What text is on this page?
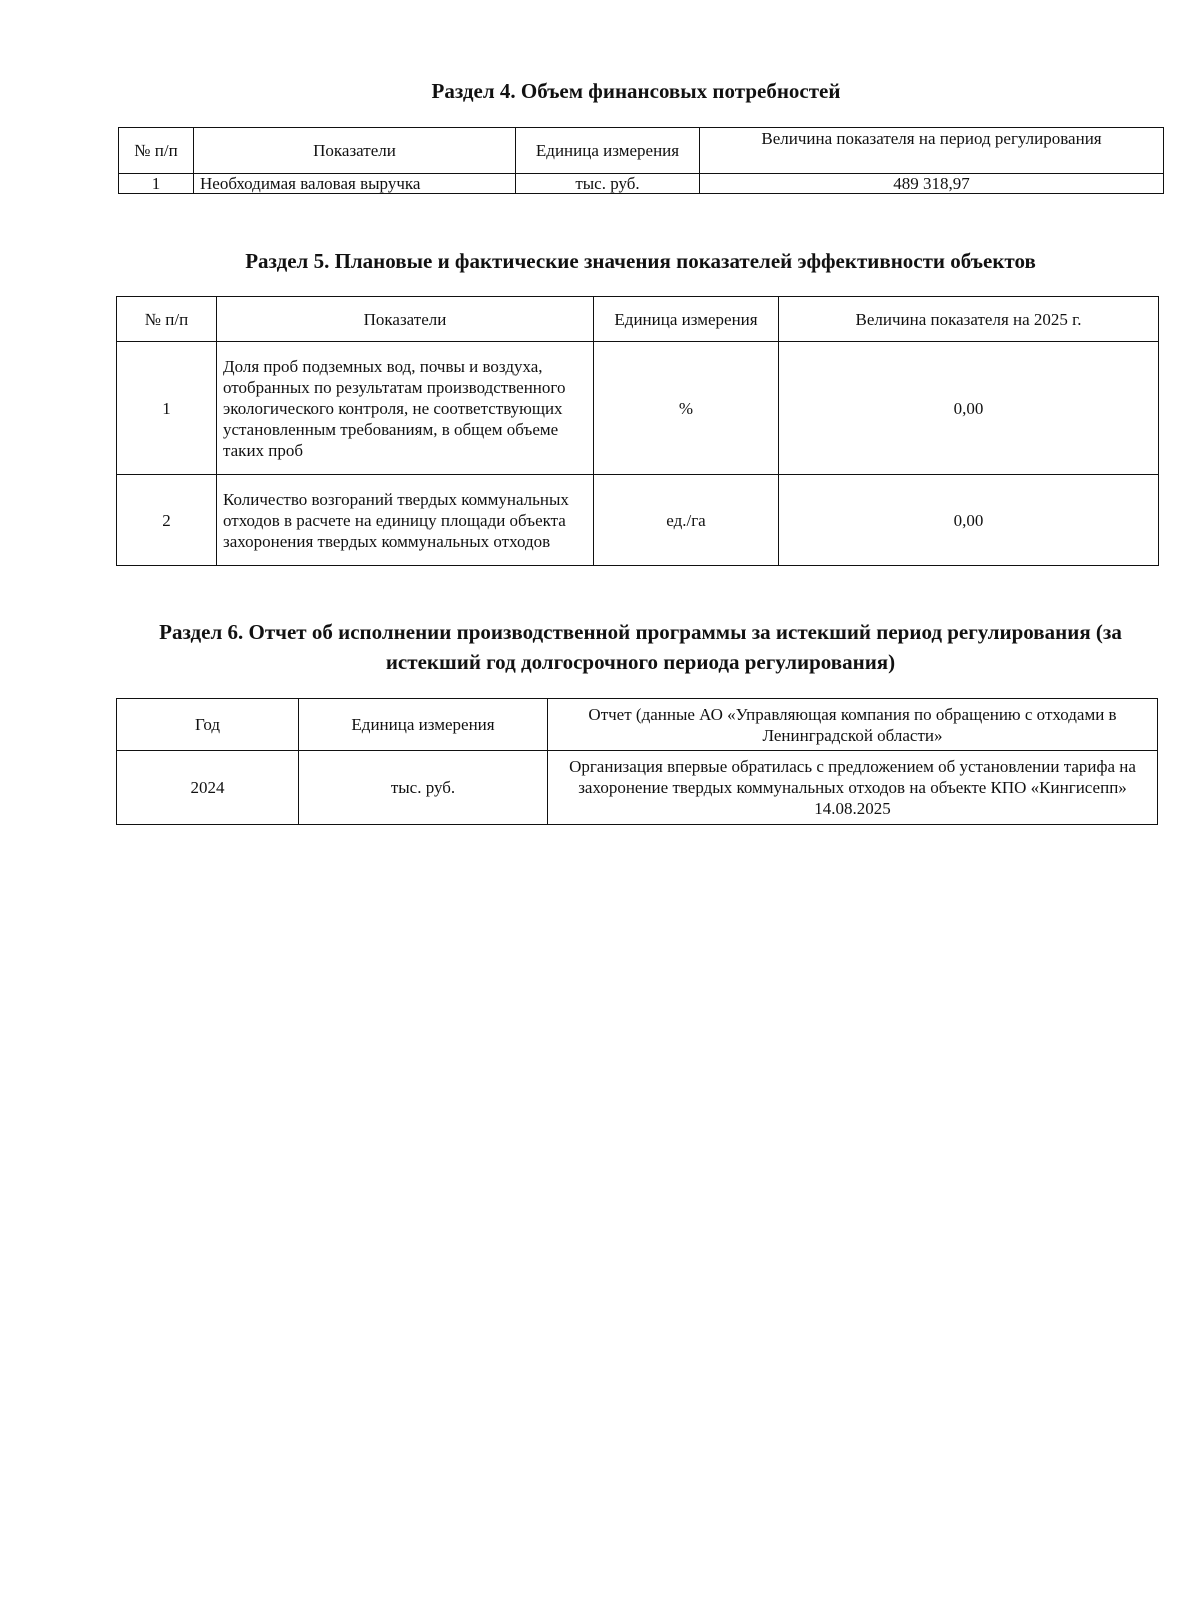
Раздел 4. Объем финансовых потребностей
№ п/п	Показатели	Единица измерения	Величина показателя на период регулирования
1	Необходимая валовая выручка	тыс. руб.	489 318,97
Раздел 5. Плановые и фактические значения показателей эффективности объектов
№ п/п	Показатели	Единица измерения	Величина показателя на 2025 г.
1	Доля проб подземных вод, почвы и воздуха, отобранных по результатам производственного экологического контроля, не соответствующих установленным требованиям, в общем объеме таких проб	%	0,00
2	Количество возгораний твердых коммунальных отходов в расчете на единицу площади объекта захоронения твердых коммунальных отходов	ед./га	0,00
Раздел 6. Отчет об исполнении производственной программы за истекший период регулирования (за истекший год долгосрочного периода регулирования)
Год	Единица измерения	Отчет (данные АО «Управляющая компания по обращению с отходами в Ленинградской области»
2024	тыс. руб.	Организация впервые обратилась с предложением об установлении тарифа на захоронение твердых коммунальных отходов на объекте КПО «Кингисепп» 14.08.2025
